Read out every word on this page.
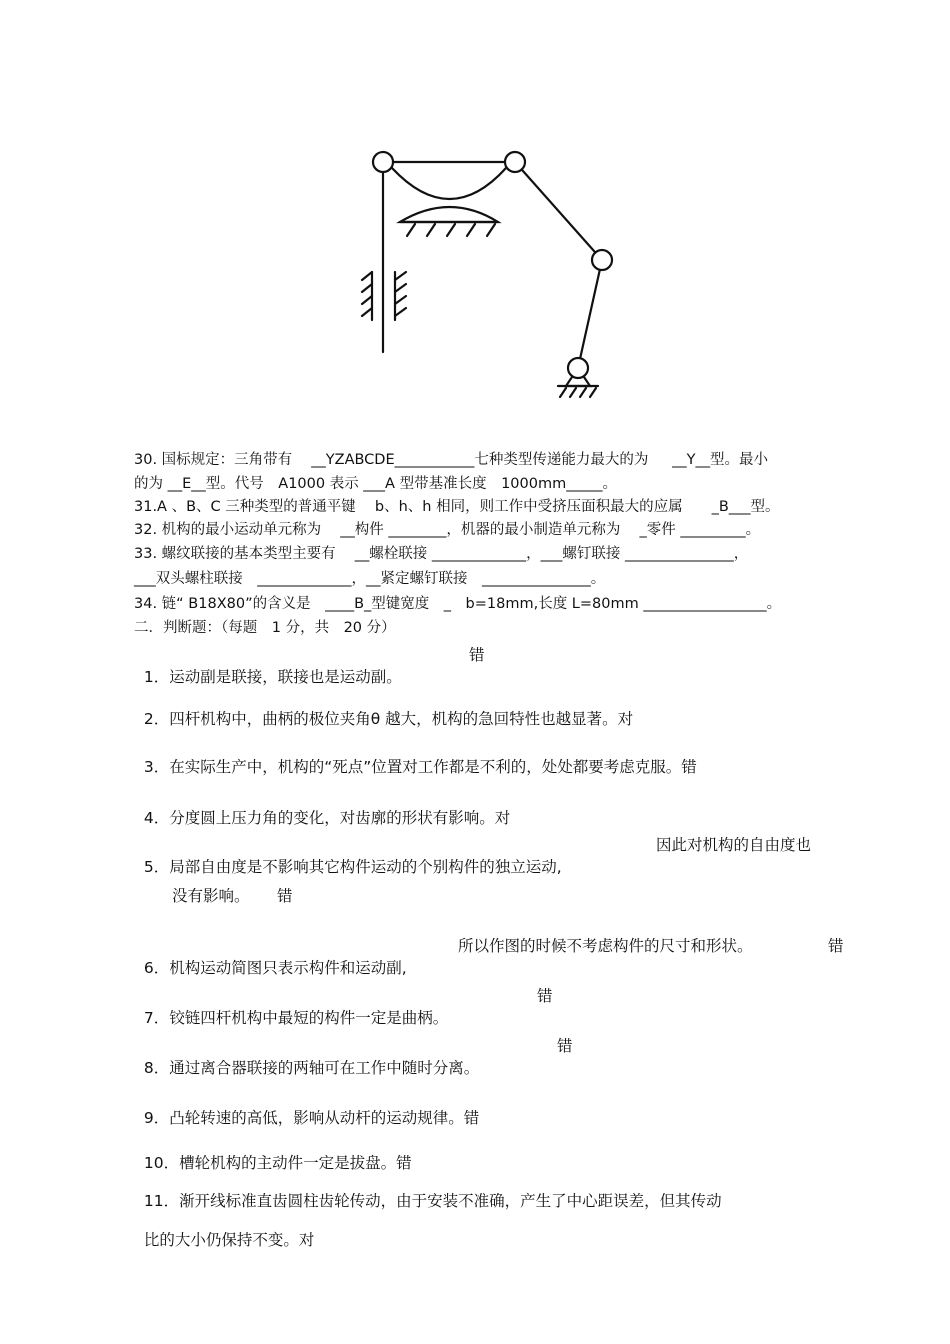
30. 国标规定：三角带有 　__YZABCDE___________七种类型传递能力最大的为 　 __Y__型。最小
的为 __E__型。代号　A1000 表示 ___A 型带基准长度　1000mm_____。
31.A 、B、C 三种类型的普通平键　 b、h、h 相同，则工作中受挤压面积最大的应属　　_B___型。
32. 机构的最小运动单元称为　 __构件 ________，机器的最小制造单元称为　 _零件 _________。
33. 螺纹联接的基本类型主要有　 __螺栓联接 _____________，___螺钉联接 _______________，
___双头螺柱联接　_____________，__紧定螺钉联接　_______________。
34. 链“ B18X80”的含义是　____B_型键宽度　_　b=18mm,长度 L=80mm _________________。
二．判断题：（每题　1 分，共　20 分）

1．运动副是联接，联接也是运动副。

错

2．四杆机构中，曲柄的极位夹角θ 越大，机构的急回特性也越显著。对

3．在实际生产中，机构的“死点”位置对工作都是不利的，处处都要考虑克服。错

4．分度圆上压力角的变化，对齿廓的形状有影响。对

5．局部自由度是不影响其它构件运动的个别构件的独立运动,

因此对机构的自由度也
没有影响。 错

6．机构运动简图只表示构件和运动副,

所以作图的时候不考虑构件的尺寸和形状。	错

7．铰链四杆机构中最短的构件一定是曲柄。

错

8．通过离合器联接的两轴可在工作中随时分离。

错

9．凸轮转速的高低，影响从动杆的运动规律。错

10．槽轮机构的主动件一定是拔盘。错

11．渐开线标准直齿圆柱齿轮传动，由于安装不准确，产生了中心距误差，但其传动

比的大小仍保持不变。对
